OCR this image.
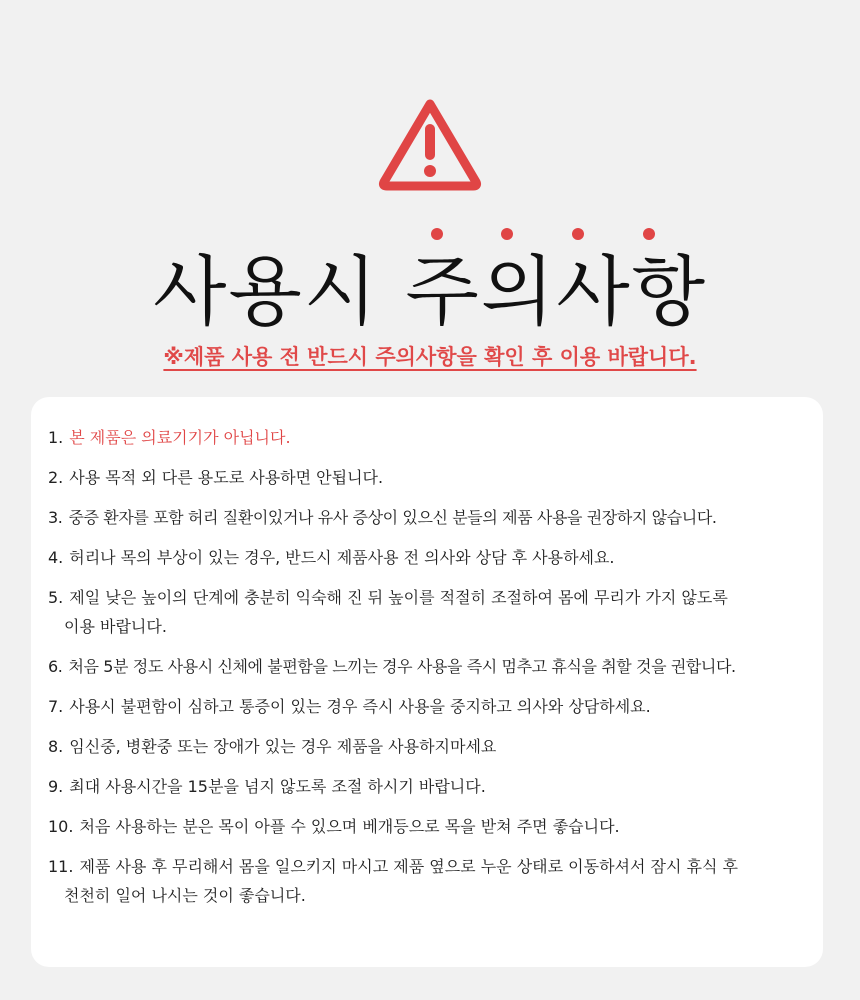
사용시 주의사항

※제품 사용 전 반드시 주의사항을 확인 후 이용 바랍니다.

1. 본 제품은 의료기기가 아닙니다.
2. 사용 목적 외 다른 용도로 사용하면 안됩니다.
3. 중증 환자를 포함 허리 질환이있거나 유사 증상이 있으신 분들의 제품 사용을 권장하지 않습니다.
4. 허리나 목의 부상이 있는 경우, 반드시 제품사용 전 의사와 상담 후 사용하세요.
5. 제일 낮은 높이의 단계에 충분히 익숙해 진 뒤 높이를 적절히 조절하여 몸에 무리가 가지 않도록
이용 바랍니다.
6. 처음 5분 정도 사용시 신체에 불편함을 느끼는 경우 사용을 즉시 멈추고 휴식을 취할 것을 권합니다.
7. 사용시 불편함이 심하고 통증이 있는 경우 즉시 사용을 중지하고 의사와 상담하세요.
8. 임신중, 병환중 또는 장애가 있는 경우 제품을 사용하지마세요
9. 최대 사용시간을 15분을 넘지 않도록 조절 하시기 바랍니다.
10. 처음 사용하는 분은 목이 아플 수 있으며 베개등으로 목을 받쳐 주면 좋습니다.
11. 제품 사용 후 무리해서 몸을 일으키지 마시고 제품 옆으로 누운 상태로 이동하셔서 잠시 휴식 후
천천히 일어 나시는 것이 좋습니다.
